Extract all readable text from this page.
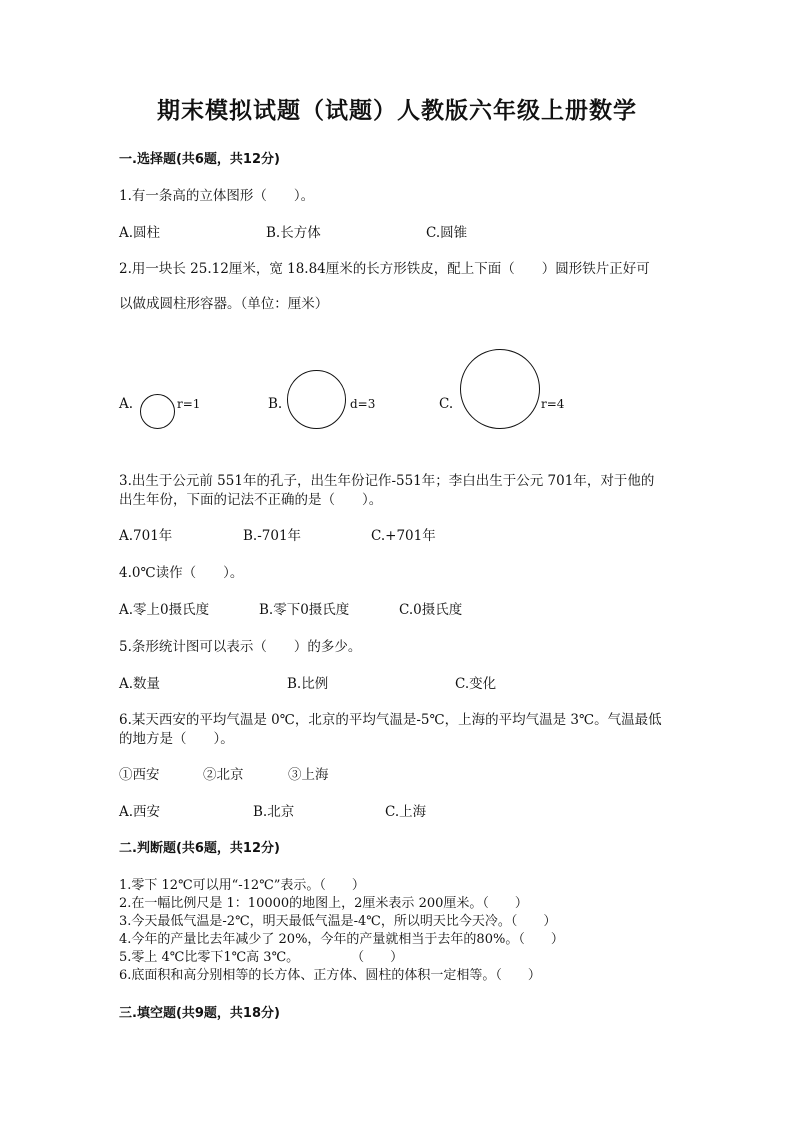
期末模拟试题（试题）人教版六年级上册数学
一.选择题(共6题，共12分)
1.有一条高的立体图形（　　）。
A.圆柱	B.长方体	C.圆锥
2.用一块长 25.12厘米，宽 18.84厘米的长方形铁皮，配上下面（　　）圆形铁片正好可
以做成圆柱形容器。（单位：厘米）
A.	r=1	B.	d=3	C.	r=4
3.出生于公元前 551年的孔子，出生年份记作-551年；李白出生于公元 701年，对于他的
出生年份，下面的记法不正确的是（　　）。
A.701年	B.-701年	C.+701年
4.0℃读作（　　）。
A.零上0摄氏度	B.零下0摄氏度	C.0摄氏度
5.条形统计图可以表示（　　）的多少。
A.数量	B.比例	C.变化
6.某天西安的平均气温是 0℃，北京的平均气温是-5℃，上海的平均气温是 3℃。气温最低
的地方是（　　）。
①西安	②北京	③上海
A.西安	B.北京	C.上海
二.判断题(共6题，共12分)
1.零下 12℃可以用“-12℃”表示。（　　）
2.在一幅比例尺是 1：10000的地图上，2厘米表示 200厘米。（　　）
3.今天最低气温是-2℃，明天最低气温是-4℃，所以明天比今天冷。（　　）
4.今年的产量比去年减少了 20%，今年的产量就相当于去年的80%。（　　）
5.零上 4℃比零下1℃高 3℃。　　　　　（　　）
6.底面积和高分别相等的长方体、正方体、圆柱的体积一定相等。（　　）
三.填空题(共9题，共18分)
